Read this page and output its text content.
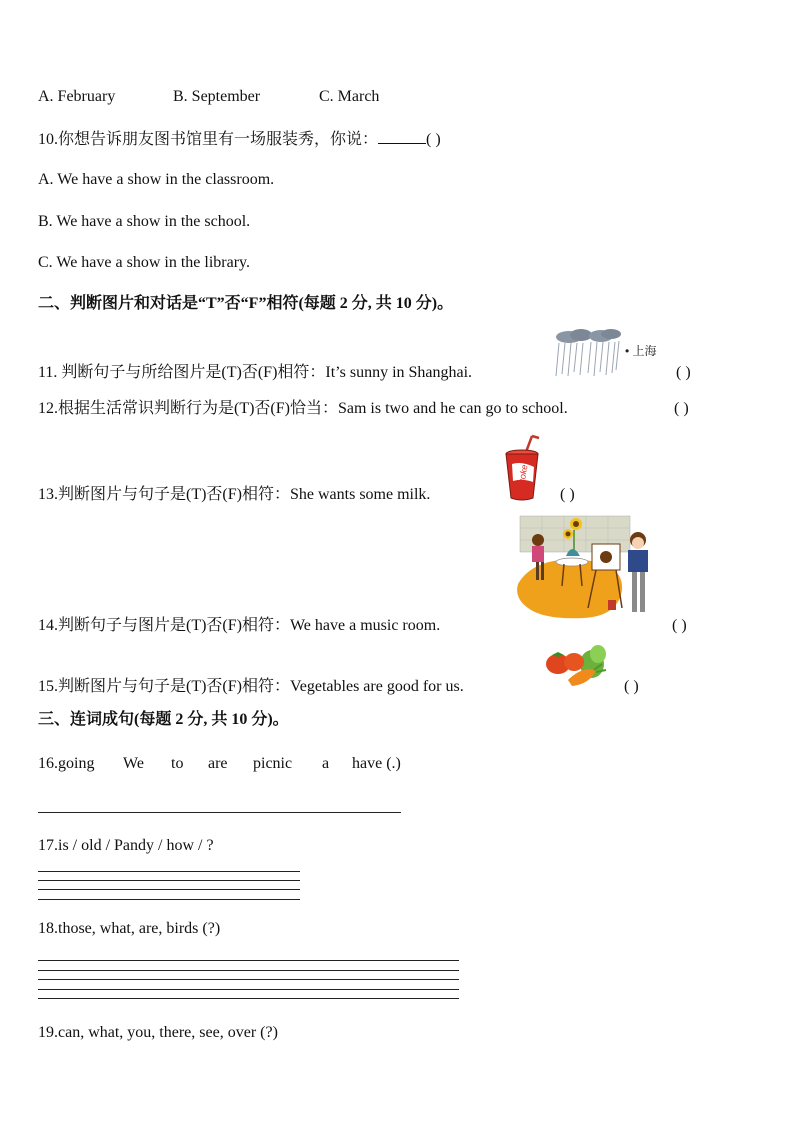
A. February	B. September	C. March
10.你想告诉朋友图书馆里有一场服装秀，你说：	( )
A. We have a show in the classroom.
B. We have a show in the school.
C. We have a show in the library.
二、判断图片和对话是“T”否“F”相符(每题 2 分, 共 10 分)。
• 上海
11. 判断句子与所给图片是(T)否(F)相符：It’s sunny in Shanghai.	( )
12.根据生活常识判断行为是(T)否(F)恰当：Sam is two and he can go to school.	( )
coke
13.判断图片与句子是(T)否(F)相符：She wants some milk.	( )
14.判断句子与图片是(T)否(F)相符：We have a music room.	( )
15.判断图片与句子是(T)否(F)相符：Vegetables are good for us.	( )
三、连词成句(每题 2 分, 共 10 分)。
16.going We to are picnic a have (.)
17.is / old / Pandy / how / ?
18.those, what, are, birds (?)
19.can, what, you, there, see, over (?)
